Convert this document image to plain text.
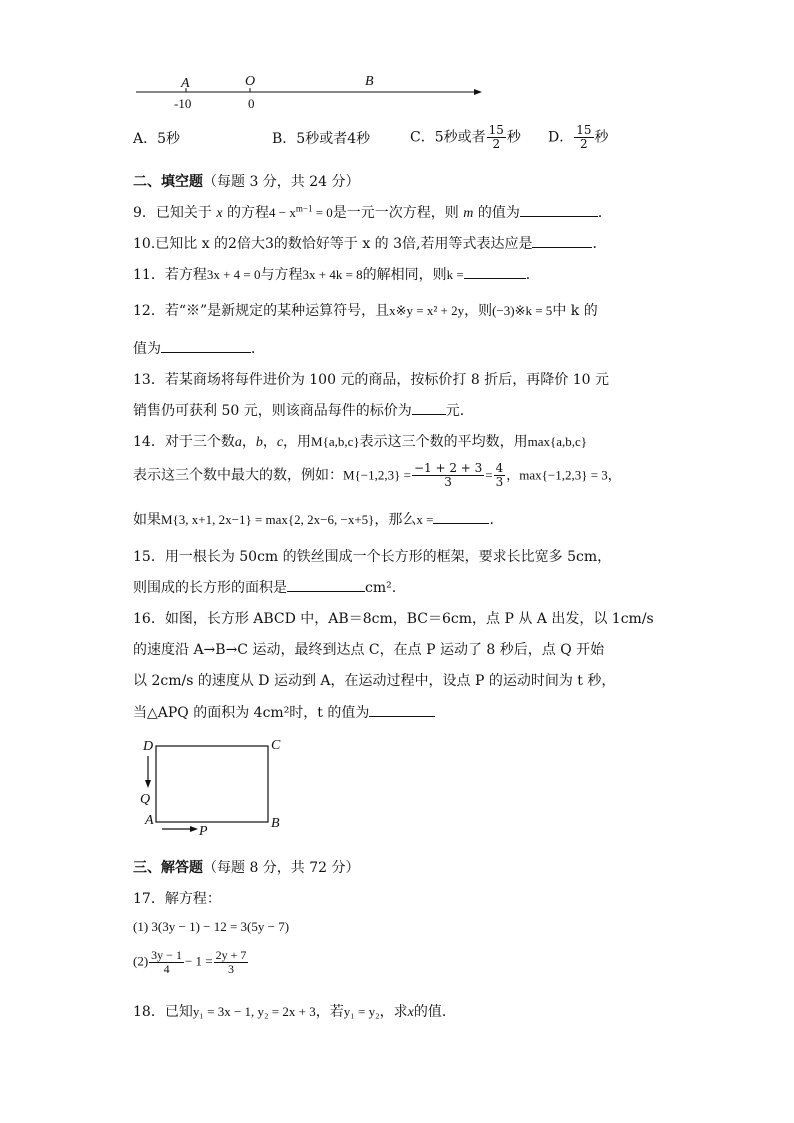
A	O	B
-10	0
A．5秒	B．5秒或者4秒	C．5秒或者 $\frac{15}{2}$ 秒 D． $\frac{15}{2}$ 秒
二、填空题（每题 3 分，共 24 分）
9．已知关于 x 的方程$4 - x^{m-1} = 0$是一元一次方程，则 m 的值为	．
10.已知比 x 的2倍大3的数恰好等于 x 的 3倍,若用等式表达应是	．
11．若方程3x + 4 = 0与方程3x + 4k = 8的解相同，则k =	．
12．若“※”是新规定的某种运算符号，且x※y = x² + 2y，则(−3)※k = 5中 k 的
值为	．
13．若某商场将每件进价为 100 元的商品，按标价打 8 折后，再降价 10 元
销售仍可获利 50 元，则该商品每件的标价为 元.
14．对于三个数a，b，c，用M{a,b,c}表示这三个数的平均数，用max{a,b,c}
表示这三个数中最大的数，例如：$M\{-1,2,3\} = \frac{-1 + 2 + 3}{3} = \frac{4}{3}$ ，max{−1,2,3} = 3，
如果M{3, x+1, 2x−1} = max{2, 2x−6, −x+5}，那么x =	．
15．用一根长为 50cm 的铁丝围成一个长方形的框架，要求长比宽多 5cm，
则围成的长方形的面积是	cm².
16．如图，长方形 ABCD 中，AB＝8cm，BC＝6cm，点 P 从 A 出发，以 1cm/s
的速度沿 A→B→C 运动，最终到达点 C，在点 P 运动了 8 秒后，点 Q 开始
以 2cm/s 的速度从 D 运动到 A，在运动过程中，设点 P 的运动时间为 t 秒，
当△APQ 的面积为 4cm²时，t 的值为
D	C
Q
A	B
P
三、解答题（每题 8 分，共 72 分）
17．解方程：
(1) 3(3y − 1) − 12 = 3(5y − 7)
$(2) \frac{3y - 1}{4} - 1 = \frac{2y + 7}{3}$
18．已知y₁ = 3x − 1, y₂ = 2x + 3，若y₁ = y₂，求x的值．
